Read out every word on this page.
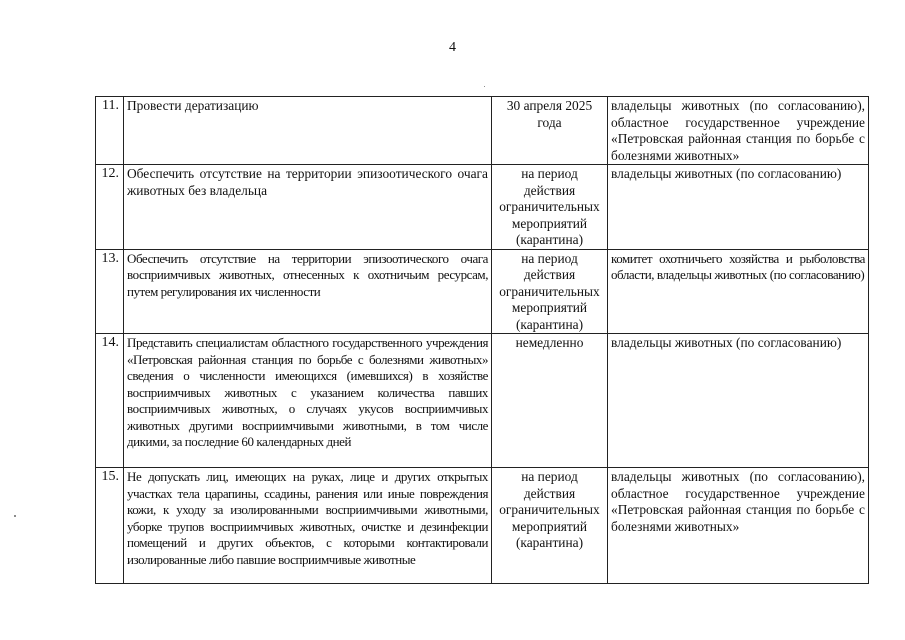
4
11.	Провести дератизацию	30 апреля 2025 года	владельцы животных (по согласованию), областное государственное учреждение «Петровская районная станция по борьбе с болезнями животных»
12.	Обеспечить отсутствие на территории эпизоотического очага животных без владельца	на период действия ограничительных мероприятий (карантина)	владельцы животных (по согласованию)
13.	Обеспечить отсутствие на территории эпизоотического очага восприимчивых животных, отнесенных к охотничьим ресурсам, путем регулирования их численности	на период действия ограничительных мероприятий (карантина)	комитет охотничьего хозяйства и рыболовства области, владельцы животных (по согласованию)
14.	Представить специалистам областного государственного учреждения «Петровская районная станция по борьбе с болезнями животных» сведения о численности имеющихся (имевшихся) в хозяйстве восприимчивых животных с указанием количества павших восприимчивых животных, о случаях укусов восприимчивых животных другими восприимчивыми животными, в том числе дикими, за последние 60 календарных дней	немедленно	владельцы животных (по согласованию)
15.	Не допускать лиц, имеющих на руках, лице и других открытых участках тела царапины, ссадины, ранения или иные повреждения кожи, к уходу за изолированными восприимчивыми животными, уборке трупов восприимчивых животных, очистке и дезинфекции помещений и других объектов, с которыми контактировали изолированные либо павшие восприимчивые животные	на период действия ограничительных мероприятий (карантина)	владельцы животных (по согласованию), областное государственное учреждение «Петровская районная станция по борьбе с болезнями животных»
